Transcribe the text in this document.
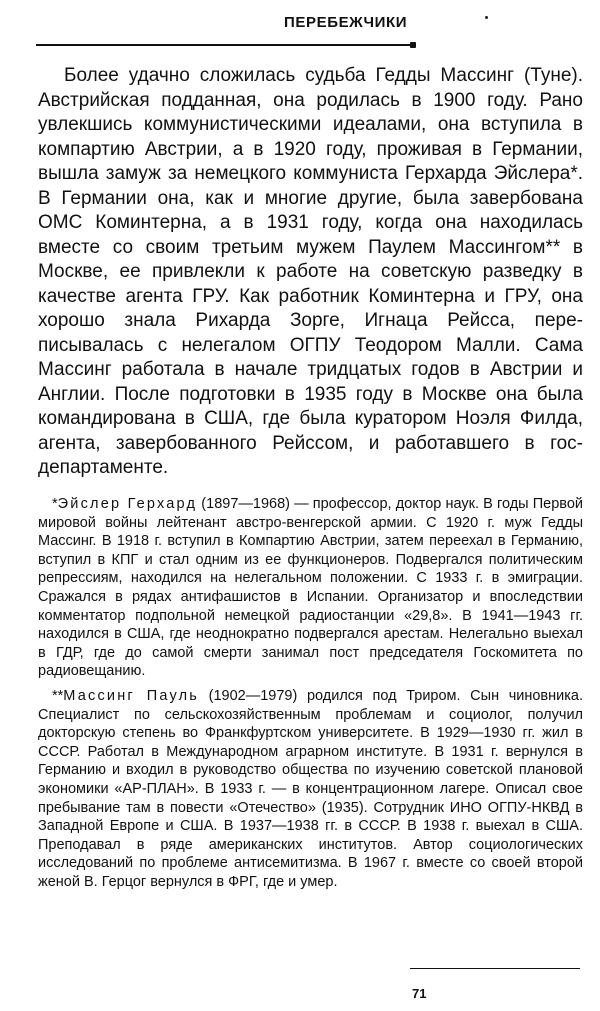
ПЕРЕБЕЖЧИКИ

Более удачно сложилась судьба Гедды Массинг (Туне). Австрийская подданная, она родилась в 1900 году. Рано увлекшись коммунистическими идеалами, она вступила в компартию Австрии, а в 1920 году, проживая в Германии, вышла замуж за немецкого коммуниста Герхарда Эйслера*. В Германии она, как и многие другие, была завербована ОМС Коминтерна, а в 1931 году, когда она находилась вместе со своим третьим мужем Паулем Массингом** в Москве, ее привлекли к работе на советскую разведку в качестве агента ГРУ. Как работник Коминтерна и ГРУ, она хорошо знала Рихарда Зорге, Игнаца Рейсса, переписывалась с нелегалом ОГПУ Теодором Малли. Сама Массинг работала в начале тридцатых годов в Австрии и Англии. После подготовки в 1935 году в Москве она была командирована в США, где была куратором Ноэля Филда, агента, завербованного Рейссом, и работавшего в госдепартаменте.

*Эйслер Герхард (1897—1968) — профессор, доктор наук. В годы Первой мировой войны лейтенант австро-венгерской армии. С 1920 г. муж Гедды Массинг. В 1918 г. вступил в Компартию Австрии, затем переехал в Германию, вступил в КПГ и стал одним из ее функционеров. Подвергался политическим репрессиям, находился на нелегальном положении. С 1933 г. в эмиграции. Сражался в рядах антифашистов в Испании. Организатор и впоследствии комментатор подпольной немецкой радиостанции «29,8». В 1941—1943 гг. находился в США, где неоднократно подвергался арестам. Нелегально выехал в ГДР, где до самой смерти занимал пост председателя Госкомитета по радиовещанию.

**Массинг Пауль (1902—1979) родился под Триром. Сын чиновника. Специалист по сельскохозяйственным проблемам и социолог, получил докторскую степень во Франкфуртском университете. В 1929—1930 гг. жил в СССР. Работал в Международном аграрном институте. В 1931 г. вернулся в Германию и входил в руководство общества по изучению советской плановой экономики «АР-ПЛАН». В 1933 г. — в концентрационном лагере. Описал свое пребывание там в повести «Отечество» (1935). Сотрудник ИНО ОГПУ-НКВД в Западной Европе и США. В 1937—1938 гг. в СССР. В 1938 г. выехал в США. Преподавал в ряде американских институтов. Автор социологических исследований по проблеме антисемитизма. В 1967 г. вместе со своей второй женой В. Герцог вернулся в ФРГ, где и умер.

71
